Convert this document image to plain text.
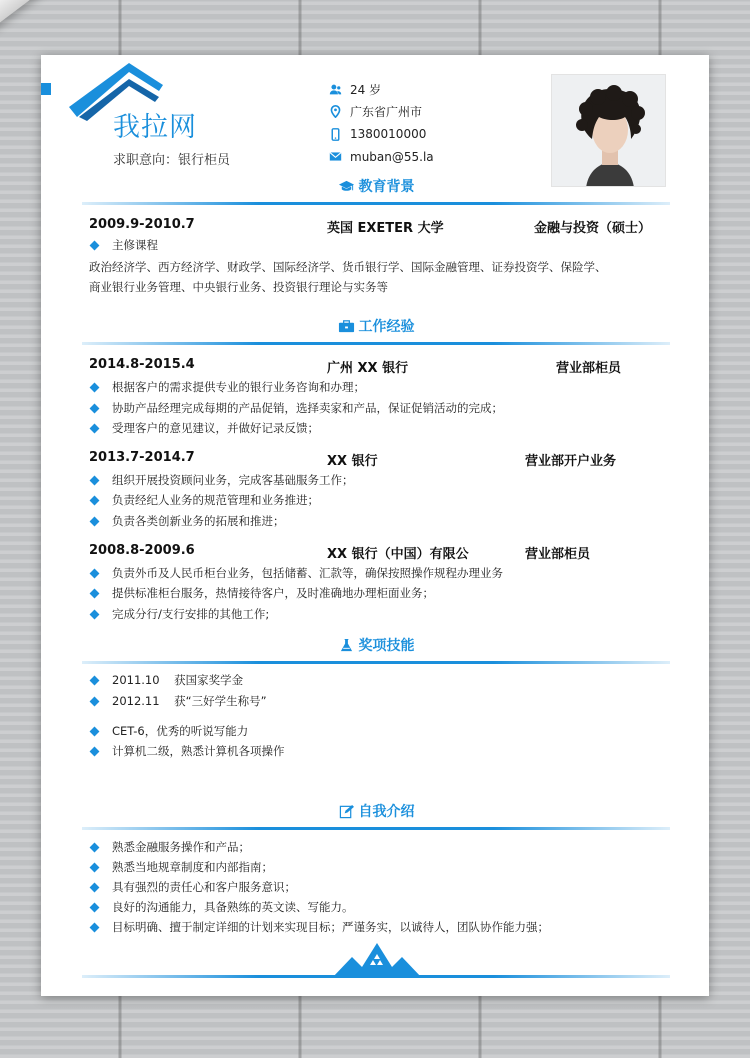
我拉网
求职意向：银行柜员
24 岁
广东省广州市
1380010000
muban@55.la
教育背景
2009.9-2010.7	英国 EXETER 大学	金融与投资（硕士）
主修课程
政治经济学、西方经济学、财政学、国际经济学、货币银行学、国际金融管理、证券投资学、保险学、
商业银行业务管理、中央银行业务、投资银行理论与实务等
工作经验
2014.8-2015.4	广州 XX 银行	营业部柜员
根据客户的需求提供专业的银行业务咨询和办理；
协助产品经理完成每期的产品促销，选择卖家和产品，保证促销活动的完成；
受理客户的意见建议，并做好记录反馈；
2013.7-2014.7	XX 银行	营业部开户业务
组织开展投资顾问业务，完成客基础服务工作；
负责经纪人业务的规范管理和业务推进；
负责各类创新业务的拓展和推进；
2008.8-2009.6	XX 银行（中国）有限公	营业部柜员
负责外币及人民币柜台业务，包括储蓄、汇款等，确保按照操作规程办理业务
提供标准柜台服务，热情接待客户，及时准确地办理柜面业务；
完成分行/支行安排的其他工作;
奖项技能
2011.10    获国家奖学金
2012.11    获“三好学生称号”
CET-6，优秀的听说写能力
计算机二级，熟悉计算机各项操作
自我介绍
熟悉金融服务操作和产品；
熟悉当地规章制度和内部指南；
具有强烈的责任心和客户服务意识；
良好的沟通能力，具备熟练的英文读、写能力。
目标明确、擅于制定详细的计划来实现目标；严谨务实，以诚待人，团队协作能力强；
